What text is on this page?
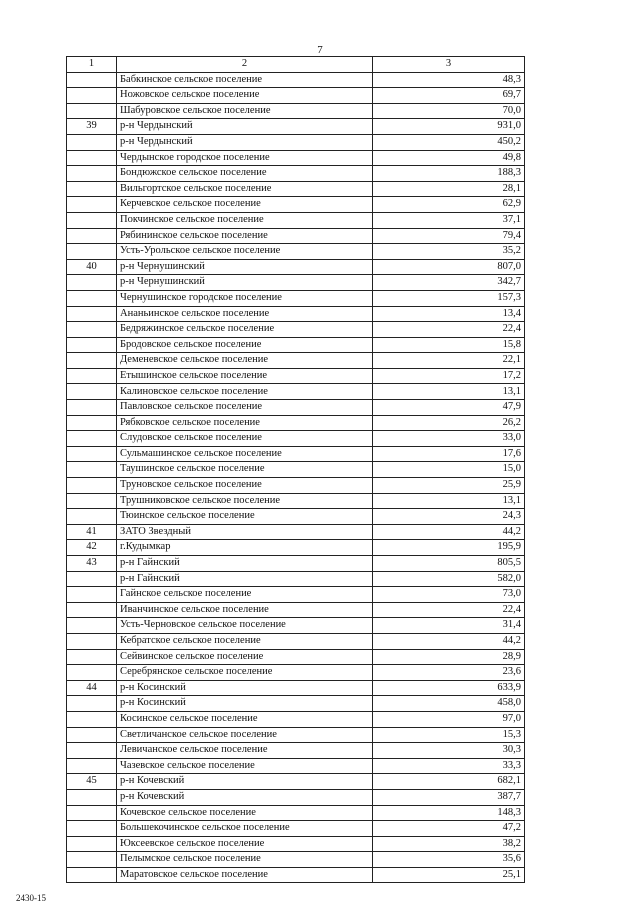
7
1	2	3
	Бабкинское сельское поселение	48,3
	Ножовское сельское поселение	69,7
	Шабуровское сельское поселение	70,0
39	р-н Чердынский	931,0
	р-н Чердынский	450,2
	Чердынское городское поселение	49,8
	Бондюжское сельское поселение	188,3
	Вильгортское сельское поселение	28,1
	Керчевское сельское поселение	62,9
	Покчинское сельское поселение	37,1
	Рябининское сельское поселение	79,4
	Усть-Урольское сельское поселение	35,2
40	р-н Чернушинский	807,0
	р-н Чернушинский	342,7
	Чернушинское городское поселение	157,3
	Ананьинское сельское поселение	13,4
	Бедряжинское сельское поселение	22,4
	Бродовское сельское поселение	15,8
	Деменевское сельское поселение	22,1
	Етышинское сельское поселение	17,2
	Калиновское сельское поселение	13,1
	Павловское сельское поселение	47,9
	Рябковское сельское поселение	26,2
	Слудовское сельское поселение	33,0
	Сульмашинское сельское поселение	17,6
	Таушинское сельское поселение	15,0
	Труновское сельское поселение	25,9
	Трушниковское сельское поселение	13,1
	Тюинское сельское поселение	24,3
41	ЗАТО Звездный	44,2
42	г.Кудымкар	195,9
43	р-н Гайнский	805,5
	р-н Гайнский	582,0
	Гайнское сельское поселение	73,0
	Иванчинское сельское поселение	22,4
	Усть-Черновское сельское поселение	31,4
	Кебратское сельское поселение	44,2
	Сейвинское сельское поселение	28,9
	Серебрянское сельское поселение	23,6
44	р-н Косинский	633,9
	р-н Косинский	458,0
	Косинское сельское поселение	97,0
	Светличанское сельское поселение	15,3
	Левичанское сельское поселение	30,3
	Чазевское сельское поселение	33,3
45	р-н Кочевский	682,1
	р-н Кочевский	387,7
	Кочевское сельское поселение	148,3
	Большекочинское сельское поселение	47,2
	Юксеевское сельское поселение	38,2
	Пелымское сельское поселение	35,6
	Маратовское сельское поселение	25,1
2430-15
